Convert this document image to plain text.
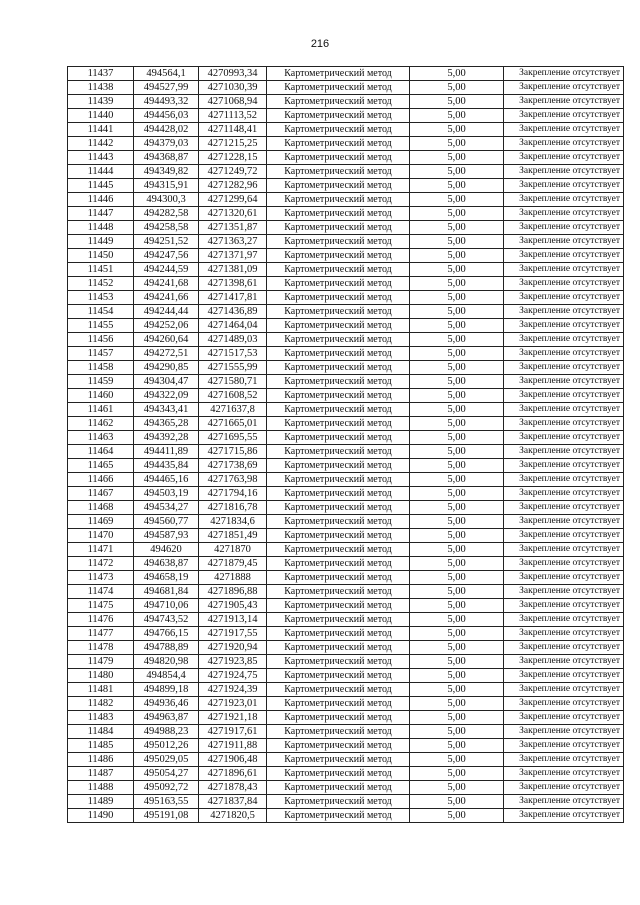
216
11437	494564,1	4270993,34	Картометрический метод	5,00	Закрепление отсутствует
11438	494527,99	4271030,39	Картометрический метод	5,00	Закрепление отсутствует
11439	494493,32	4271068,94	Картометрический метод	5,00	Закрепление отсутствует
11440	494456,03	4271113,52	Картометрический метод	5,00	Закрепление отсутствует
11441	494428,02	4271148,41	Картометрический метод	5,00	Закрепление отсутствует
11442	494379,03	4271215,25	Картометрический метод	5,00	Закрепление отсутствует
11443	494368,87	4271228,15	Картометрический метод	5,00	Закрепление отсутствует
11444	494349,82	4271249,72	Картометрический метод	5,00	Закрепление отсутствует
11445	494315,91	4271282,96	Картометрический метод	5,00	Закрепление отсутствует
11446	494300,3	4271299,64	Картометрический метод	5,00	Закрепление отсутствует
11447	494282,58	4271320,61	Картометрический метод	5,00	Закрепление отсутствует
11448	494258,58	4271351,87	Картометрический метод	5,00	Закрепление отсутствует
11449	494251,52	4271363,27	Картометрический метод	5,00	Закрепление отсутствует
11450	494247,56	4271371,97	Картометрический метод	5,00	Закрепление отсутствует
11451	494244,59	4271381,09	Картометрический метод	5,00	Закрепление отсутствует
11452	494241,68	4271398,61	Картометрический метод	5,00	Закрепление отсутствует
11453	494241,66	4271417,81	Картометрический метод	5,00	Закрепление отсутствует
11454	494244,44	4271436,89	Картометрический метод	5,00	Закрепление отсутствует
11455	494252,06	4271464,04	Картометрический метод	5,00	Закрепление отсутствует
11456	494260,64	4271489,03	Картометрический метод	5,00	Закрепление отсутствует
11457	494272,51	4271517,53	Картометрический метод	5,00	Закрепление отсутствует
11458	494290,85	4271555,99	Картометрический метод	5,00	Закрепление отсутствует
11459	494304,47	4271580,71	Картометрический метод	5,00	Закрепление отсутствует
11460	494322,09	4271608,52	Картометрический метод	5,00	Закрепление отсутствует
11461	494343,41	4271637,8	Картометрический метод	5,00	Закрепление отсутствует
11462	494365,28	4271665,01	Картометрический метод	5,00	Закрепление отсутствует
11463	494392,28	4271695,55	Картометрический метод	5,00	Закрепление отсутствует
11464	494411,89	4271715,86	Картометрический метод	5,00	Закрепление отсутствует
11465	494435,84	4271738,69	Картометрический метод	5,00	Закрепление отсутствует
11466	494465,16	4271763,98	Картометрический метод	5,00	Закрепление отсутствует
11467	494503,19	4271794,16	Картометрический метод	5,00	Закрепление отсутствует
11468	494534,27	4271816,78	Картометрический метод	5,00	Закрепление отсутствует
11469	494560,77	4271834,6	Картометрический метод	5,00	Закрепление отсутствует
11470	494587,93	4271851,49	Картометрический метод	5,00	Закрепление отсутствует
11471	494620	4271870	Картометрический метод	5,00	Закрепление отсутствует
11472	494638,87	4271879,45	Картометрический метод	5,00	Закрепление отсутствует
11473	494658,19	4271888	Картометрический метод	5,00	Закрепление отсутствует
11474	494681,84	4271896,88	Картометрический метод	5,00	Закрепление отсутствует
11475	494710,06	4271905,43	Картометрический метод	5,00	Закрепление отсутствует
11476	494743,52	4271913,14	Картометрический метод	5,00	Закрепление отсутствует
11477	494766,15	4271917,55	Картометрический метод	5,00	Закрепление отсутствует
11478	494788,89	4271920,94	Картометрический метод	5,00	Закрепление отсутствует
11479	494820,98	4271923,85	Картометрический метод	5,00	Закрепление отсутствует
11480	494854,4	4271924,75	Картометрический метод	5,00	Закрепление отсутствует
11481	494899,18	4271924,39	Картометрический метод	5,00	Закрепление отсутствует
11482	494936,46	4271923,01	Картометрический метод	5,00	Закрепление отсутствует
11483	494963,87	4271921,18	Картометрический метод	5,00	Закрепление отсутствует
11484	494988,23	4271917,61	Картометрический метод	5,00	Закрепление отсутствует
11485	495012,26	4271911,88	Картометрический метод	5,00	Закрепление отсутствует
11486	495029,05	4271906,48	Картометрический метод	5,00	Закрепление отсутствует
11487	495054,27	4271896,61	Картометрический метод	5,00	Закрепление отсутствует
11488	495092,72	4271878,43	Картометрический метод	5,00	Закрепление отсутствует
11489	495163,55	4271837,84	Картометрический метод	5,00	Закрепление отсутствует
11490	495191,08	4271820,5	Картометрический метод	5,00	Закрепление отсутствует
